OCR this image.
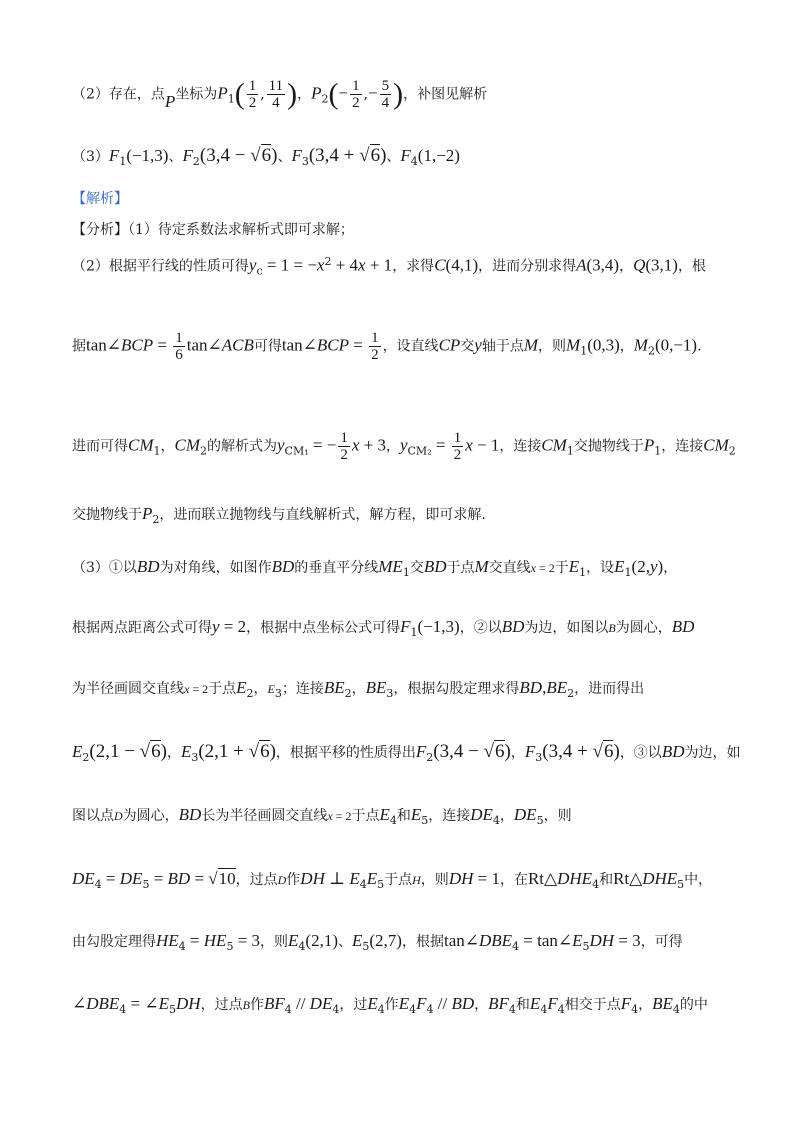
（2）存在，点P坐标为$P_1( \frac{1}{2}$ , $\frac{11}{4}$ )，$P_2(- \frac{1}{2}$ ,− $\frac{5}{4}$ )，补图见解析
$(3)F_1(-1,3)$、$F_2(3,4 - √6)$、$F_3(3,4 + √6)$、$F_4(1,-2)$
【解析】
【分析】（1）待定系数法求解析式即可求解；
（2）根据平行线的性质可得$y_c = 1 = -x^2 + 4x + 1$，求得C(4,1)，进而分别求得A(3,4)，Q(3,1)，根
据tan∠BCP = $\frac{1}{6}$ tan∠ACB可得tan∠BCP = $\frac{1}{2}$ ，设直线CP交y轴于点M，则$M_1(0,3)$，$M_2(0,-1)$.
进而可得$CM_1$，$CM_2$的解析式为$y_{CM_1}$ = − $\frac{1}{2}$ x + 3，$y_{CM_2} = \frac{1}{2}$ x − 1，连接$CM_1$交抛物线于$P_1$，连接$CM_2$
交抛物线于$P_2$，进而联立抛物线与直线解析式，解方程，即可求解.
（3）①以BD为对角线，如图作BD的垂直平分线$ME_1$交BD于点M交直线x = 2于$E_1$，设$E_1(2,y)$，
根据两点距离公式可得y = 2，根据中点坐标公式可得$F_1(-1,3)$，②以BD为边，如图以B为圆心，BD
为半径画圆交直线x = 2于点$E_2$，$E_3$；连接$BE_2$，$BE_3$，根据勾股定理求得$BD,BE_2$，进而得出
$E_2(2,1 - √6)$，$E_3(2,1 + √6)$，根据平移的性质得出$F_2(3,4 - √6)$，$F_3(3,4 + √6)$，③以BD为边，如
图以点D为圆心，BD长为半径画圆交直线x = 2于点$E_4$和$E_5$，连接$DE_4$，$DE_5$，则
$DE_4 = DE_5$ = BD = √10，过点D作DH ⊥ $E_4E_5$于点H，则DH = 1，在$Rt\triangle DHE_4$和$Rt\triangle DHE_5$中，
由勾股定理得$HE_4 = HE_5 = 3$，则$E_4(2,1)$、$E_5(2,7)$，根据$\tan\angle DBE_4$ = $\tan\angle E_5DH = 3$，可得
$\angle DBE_4$ = $\angle E_5DH$，过点B作$BF_4 // DE_4$，过$E_4$作$E_4F_4$ // BD，$BF_4$和$E_4F_4$相交于点$F_4$，$BE_4$的中
